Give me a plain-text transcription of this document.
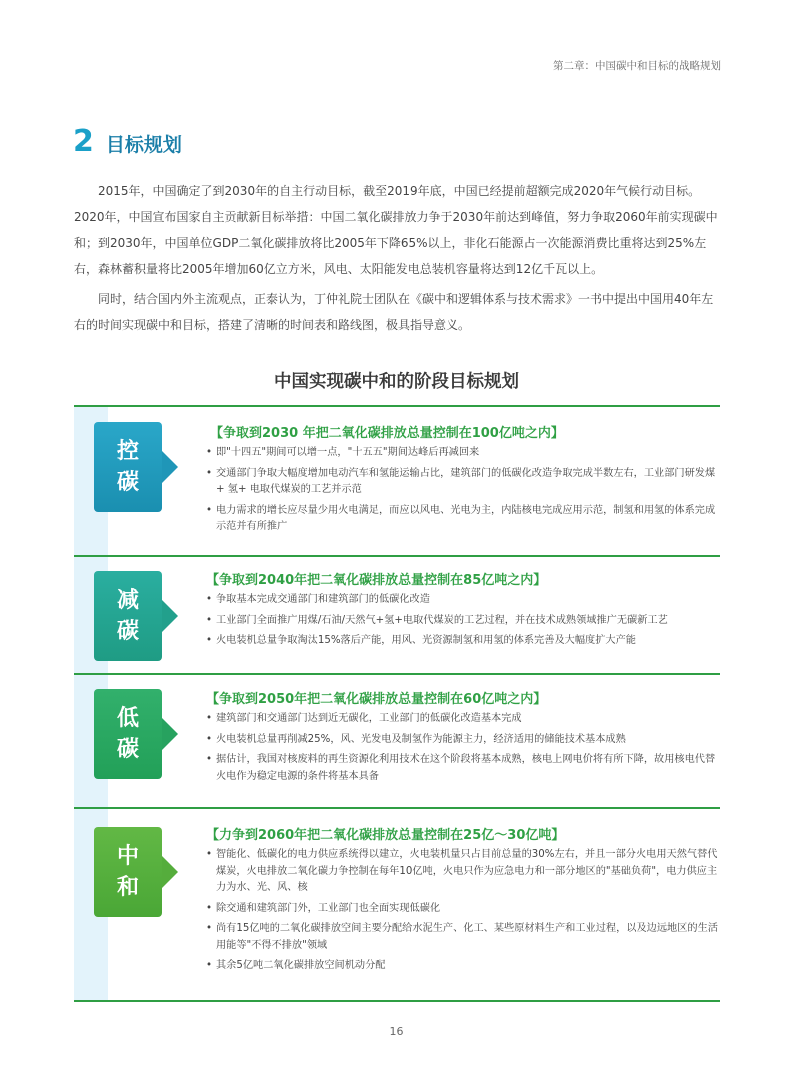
第二章：中国碳中和目标的战略规划
2 目标规划

2015年，中国确定了到2030年的自主行动目标，截至2019年底，中国已经提前超额完成2020年气候行动目标。2020年，中国宣布国家自主贡献新目标举措：中国二氧化碳排放力争于2030年前达到峰值，努力争取2060年前实现碳中和；到2030年，中国单位GDP二氧化碳排放将比2005年下降65%以上，非化石能源占一次能源消费比重将达到25%左右，森林蓄积量将比2005年增加60亿立方米，风电、太阳能发电总装机容量将达到12亿千瓦以上。

同时，结合国内外主流观点，正泰认为，丁仲礼院士团队在《碳中和逻辑体系与技术需求》一书中提出中国用40年左右的时间实现碳中和目标，搭建了清晰的时间表和路线图，极具指导意义。

中国实现碳中和的阶段目标规划
控
碳
【争取到2030 年把二氧化碳排放总量控制在100亿吨之内】
• 即"十四五"期间可以增一点，"十五五"期间达峰后再减回来
• 交通部门争取大幅度增加电动汽车和氢能运输占比，建筑部门的低碳化改造争取完成半数左右，工业部门研发煤+ 氢+ 电取代煤炭的工艺并示范
• 电力需求的增长应尽量少用火电满足，而应以风电、光电为主，内陆核电完成应用示范，制氢和用氢的体系完成示范并有所推广
减
碳
【争取到2040年把二氧化碳排放总量控制在85亿吨之内】
• 争取基本完成交通部门和建筑部门的低碳化改造
• 工业部门全面推广用煤/石油/天然气+氢+电取代煤炭的工艺过程，并在技术成熟领域推广无碳新工艺
• 火电装机总量争取淘汰15%落后产能，用风、光资源制氢和用氢的体系完善及大幅度扩大产能
低
碳
【争取到2050年把二氧化碳排放总量控制在60亿吨之内】
• 建筑部门和交通部门达到近无碳化，工业部门的低碳化改造基本完成
• 火电装机总量再削减25%，风、光发电及制氢作为能源主力，经济适用的储能技术基本成熟
• 据估计，我国对核废料的再生资源化利用技术在这个阶段将基本成熟，核电上网电价将有所下降，故用核电代替火电作为稳定电源的条件将基本具备
中
和
【力争到2060年把二氧化碳排放总量控制在25亿～30亿吨】
• 智能化、低碳化的电力供应系统得以建立，火电装机量只占目前总量的30%左右，并且一部分火电用天然气替代煤炭，火电排放二氧化碳力争控制在每年10亿吨，火电只作为应急电力和一部分地区的"基础负荷"，电力供应主力为水、光、风、核
• 除交通和建筑部门外，工业部门也全面实现低碳化
• 尚有15亿吨的二氧化碳排放空间主要分配给水泥生产、化工、某些原材料生产和工业过程，以及边远地区的生活用能等"不得不排放"领域
• 其余5亿吨二氧化碳排放空间机动分配
16
